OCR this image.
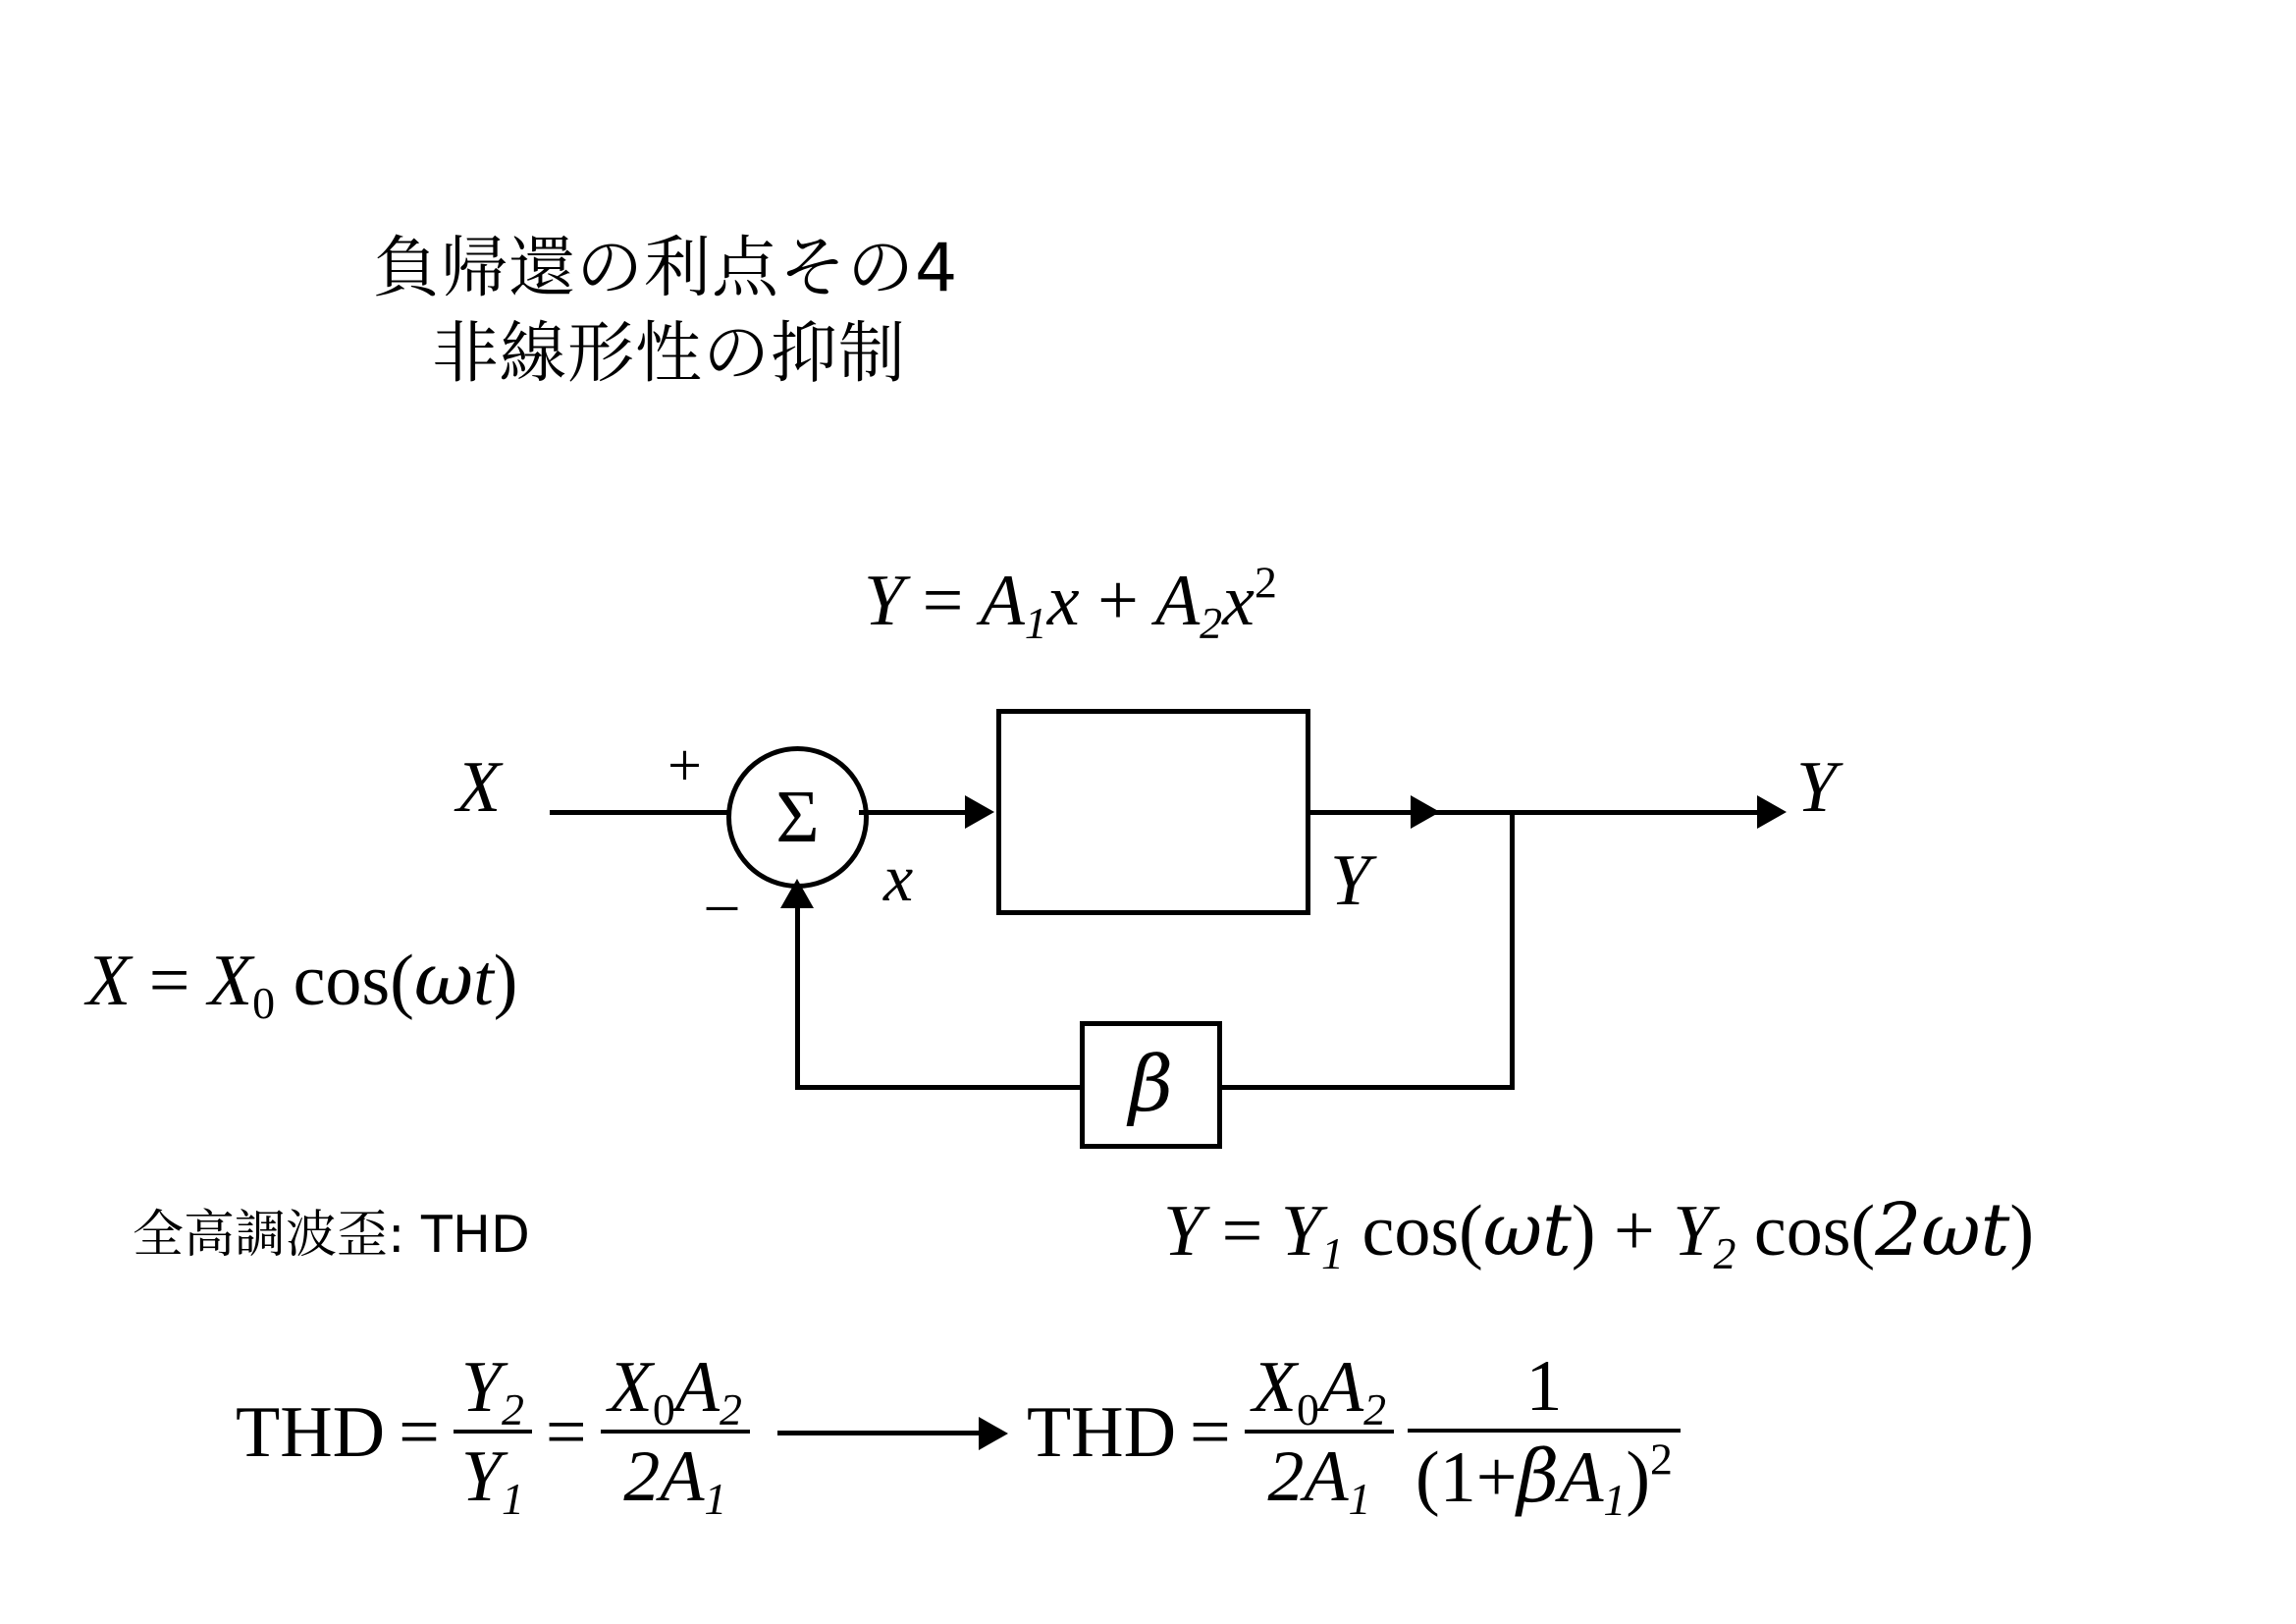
負帰還の利点その4
非線形性の抑制
$Y = A_1x + A_2x^2$
X	+
–
Σ
x	Y
Y
β
$X = X_0$ cos(ωt)
全高調波歪: THD	$Y = Y_1$ $\cos(\omega t) + Y_2$ cos(2ωt)
THD = $\frac{Y_2}{Y_1} = \frac{X_0A_2}{2A_1}$	THD = $\frac{X_0A_2}{2A_1} \frac{1}{(1+\beta A_1)^2}$
